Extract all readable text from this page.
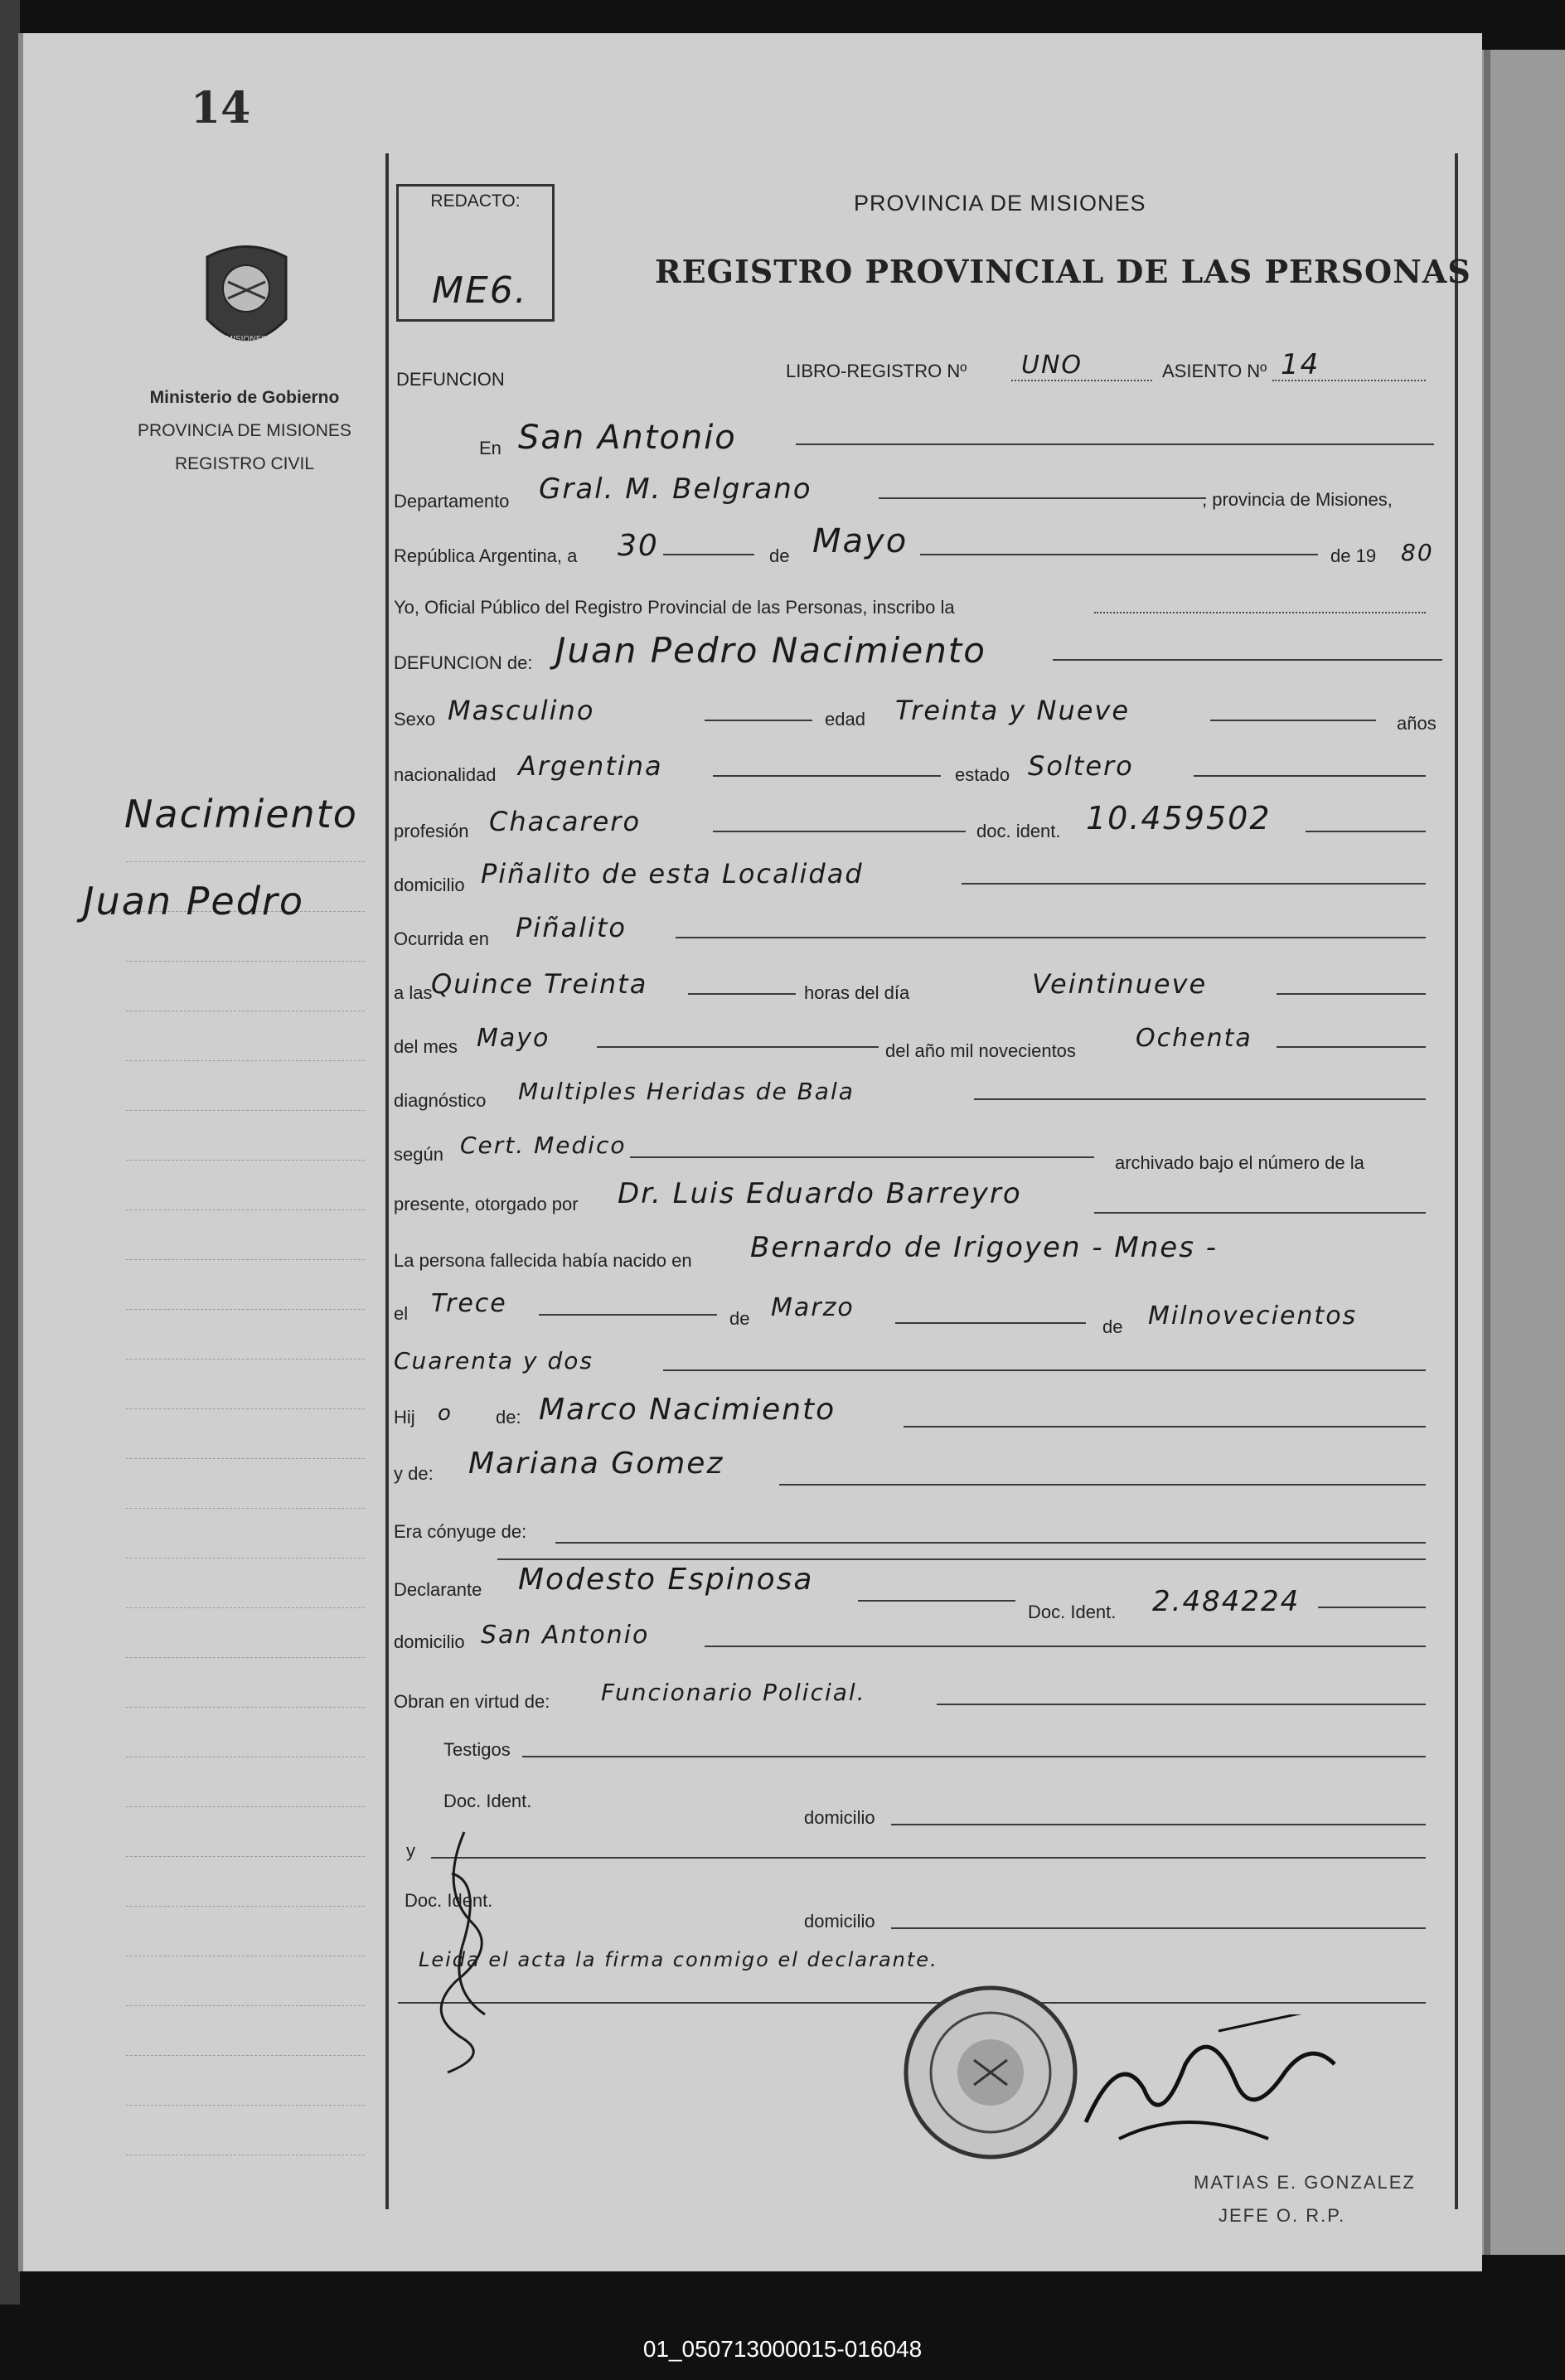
14
MISIONES
Ministerio de Gobierno
PROVINCIA DE MISIONES
REGISTRO CIVIL
Nacimiento
Juan Pedro
REDACTO:
ME6.
PROVINCIA DE MISIONES
REGISTRO PROVINCIAL DE LAS PERSONAS
DEFUNCION	LIBRO-REGISTRO Nº UNO	ASIENTO Nº 14
En San Antonio
Departamento Gral. M. Belgrano	, provincia de Misiones,
República Argentina, a 30	de Mayo	de 19 80
Yo, Oficial Público del Registro Provincial de las Personas, inscribo la
DEFUNCION de: Juan Pedro Nacimiento
Sexo Masculino	edad Treinta y Nueve	años
nacionalidad Argentina	estado Soltero
profesión Chacarero	doc. ident. 10.459502
domicilio Piñalito de esta Localidad
Ocurrida en Piñalito
a las
Quince Treinta	horas del día	Veintinueve
del mes Mayo	del año mil novecientos Ochenta
diagnóstico Multiples Heridas de Bala
según Cert. Medico
archivado bajo el número de la
presente, otorgado por Dr. Luis Eduardo Barreyro
La persona fallecida había nacido en Bernardo de Irigoyen - Mnes -
el Trece
de Marzo
de Milnovecientos
Cuarenta y dos
Hij o de: Marco Nacimiento
y de: Mariana Gomez
Era cónyuge de:
Declarante Modesto Espinosa
Doc. Ident. 2.484224
domicilio San Antonio
Obran en virtud de: Funcionario Policial.
Testigos
Doc. Ident.
domicilio
y
Doc. Ident.
domicilio
Leida el acta la firma conmigo el declarante.
MATIAS E. GONZALEZ
JEFE O. R.P.
01_050713000015-016048
